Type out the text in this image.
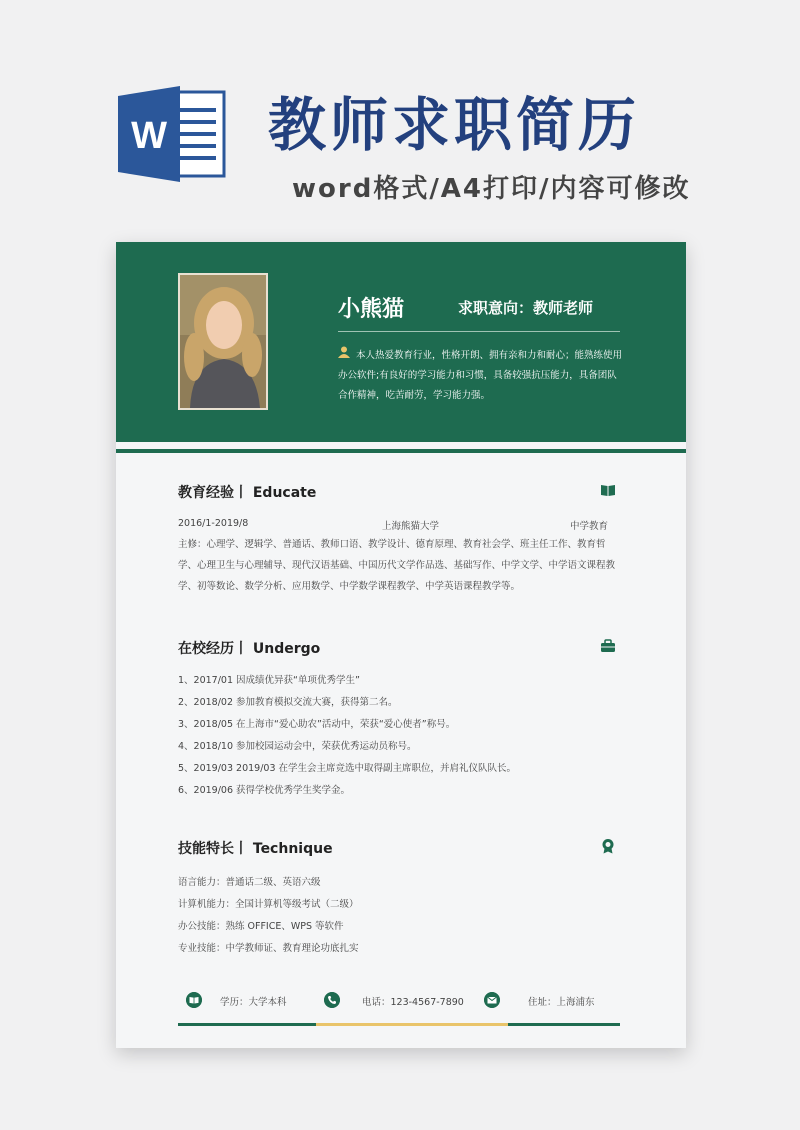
W 教师求职简历
word格式/A4打印/内容可修改
小熊猫	求职意向：教师老师
本人热爱教育行业，性格开朗、拥有亲和力和耐心；能熟练使用办公软件;有良好的学习能力和习惯，具备较强抗压能力，具备团队合作精神，吃苦耐劳，学习能力强。
教育经验丨 Educate
2016/1-2019/8	上海熊猫大学	中学教育
主修：心理学、逻辑学、普通话、教师口语、教学设计、德育原理、教育社会学、班主任工作、教育哲学、心理卫生与心理辅导、现代汉语基础、中国历代文学作品选、基础写作、中学文学、中学语文课程教学、初等数论、数学分析、应用数学、中学数学课程教学、中学英语课程教学等。
在校经历丨 Undergo
1、2017/01 因成绩优异获“单项优秀学生”
2、2018/02 参加教育模拟交流大赛，获得第二名。
3、2018/05 在上海市“爱心助农”活动中，荣获“爱心使者”称号。
4、2018/10 参加校园运动会中，荣获优秀运动员称号。
5、2019/03 2019/03 在学生会主席竞选中取得副主席职位，并肩礼仪队队长。
6、2019/06 获得学校优秀学生奖学金。
技能特长丨 Technique
语言能力：普通话二级、英语六级
计算机能力：全国计算机等级考试（二级）
办公技能：熟练 OFFICE、WPS 等软件
专业技能：中学教师证、教育理论功底扎实
学历：大学本科	电话：123-4567-7890	住址：上海浦东
